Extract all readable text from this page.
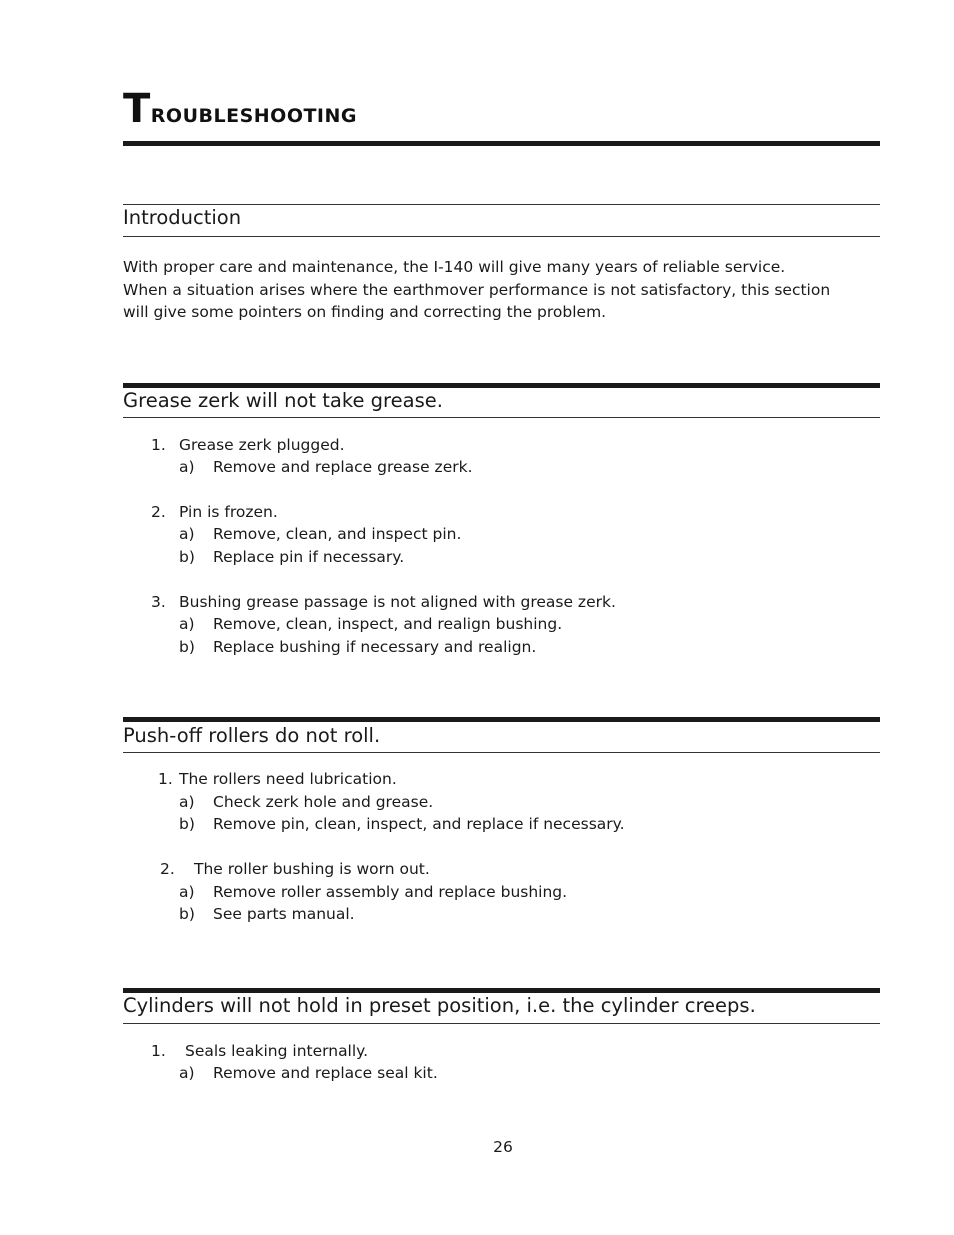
Troubleshooting
Introduction
With proper care and maintenance, the I-140 will give many years of reliable service.
When a situation arises where the earthmover performance is not satisfactory, this section
will give some pointers on finding and correcting the problem.
Grease zerk will not take grease.
1. Grease zerk plugged.
a) Remove and replace grease zerk.
2. Pin is frozen.
a) Remove, clean, and inspect pin.
b) Replace pin if necessary.
3. Bushing grease passage is not aligned with grease zerk.
a) Remove, clean, inspect, and realign bushing.
b) Replace bushing if necessary and realign.
Push-off rollers do not roll.
1. The rollers need lubrication.
a) Check zerk hole and grease.
b) Remove pin, clean, inspect, and replace if necessary.
2. The roller bushing is worn out.
a) Remove roller assembly and replace bushing.
b) See parts manual.
Cylinders will not hold in preset position, i.e. the cylinder creeps.
1. Seals leaking internally.
a) Remove and replace seal kit.
26
